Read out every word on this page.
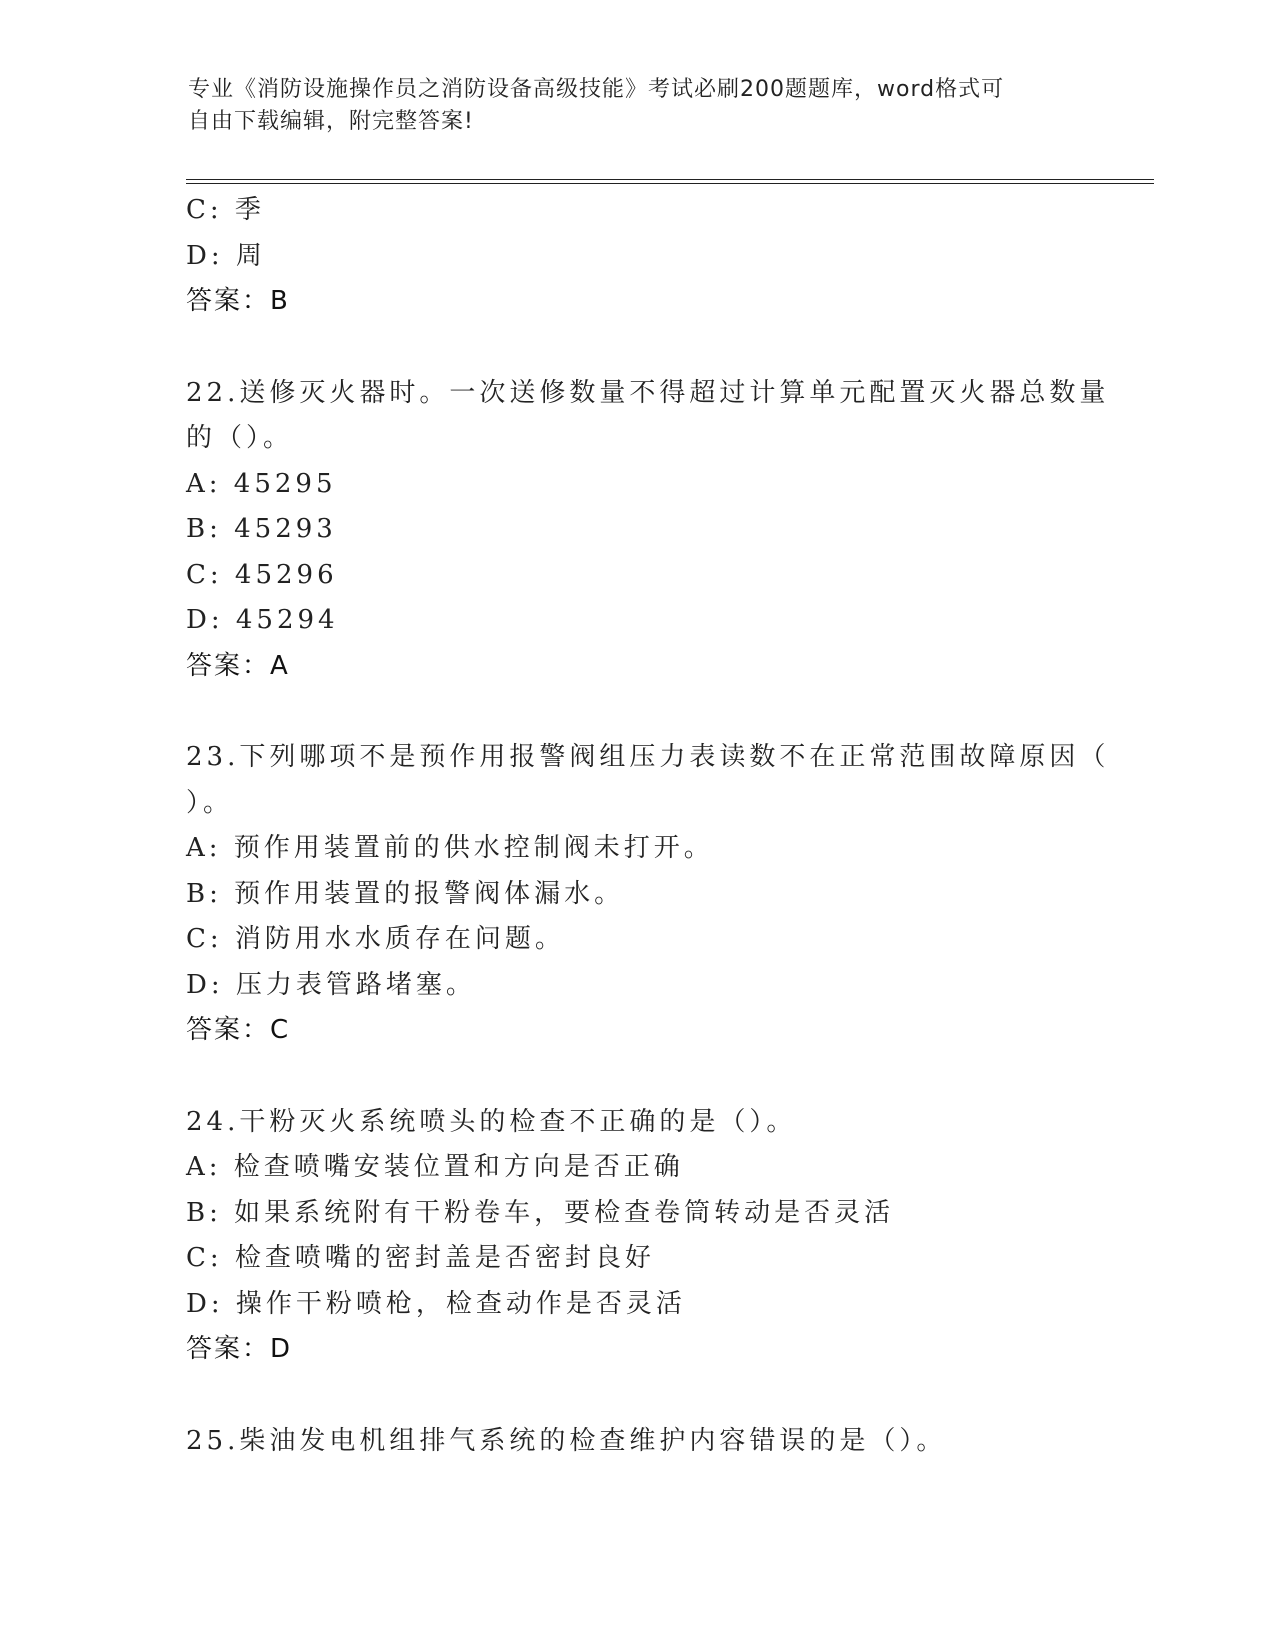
专业《消防设施操作员之消防设备高级技能》考试必刷200题题库，word格式可
自由下载编辑，附完整答案!
C: 季
D: 周
答案：B
22.送修灭火器时。一次送修数量不得超过计算单元配置灭火器总数量
的（）。
A: 45295
B: 45293
C: 45296
D: 45294
答案：A
23.下列哪项不是预作用报警阀组压力表读数不在正常范围故障原因（
）。
A: 预作用装置前的供水控制阀未打开。
B: 预作用装置的报警阀体漏水。
C: 消防用水水质存在问题。
D: 压力表管路堵塞。
答案：C
24.干粉灭火系统喷头的检查不正确的是（）。
A: 检查喷嘴安装位置和方向是否正确
B: 如果系统附有干粉卷车，要检查卷筒转动是否灵活
C: 检查喷嘴的密封盖是否密封良好
D: 操作干粉喷枪，检查动作是否灵活
答案：D
25.柴油发电机组排气系统的检查维护内容错误的是（）。
